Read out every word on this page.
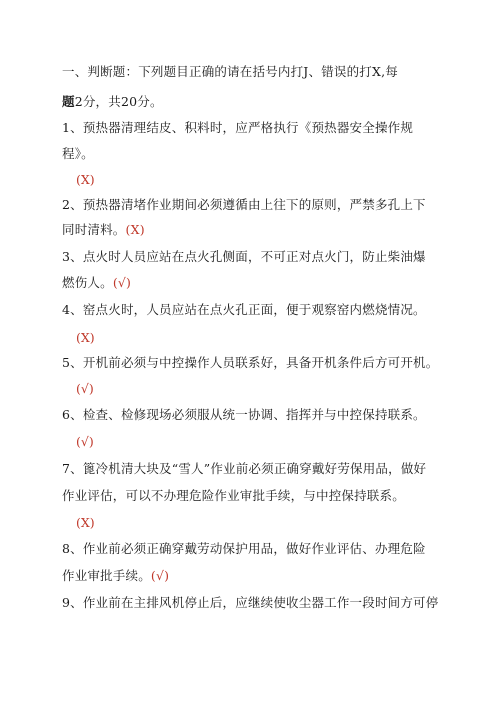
一、判断题：下列题目正确的请在括号内打J、错误的打X,每
题2分，共20分。
1、预热器清理结皮、积料时，应严格执行《预热器安全操作规
程》。
(X)
2、预热器清堵作业期间必须遵循由上往下的原则，严禁多孔上下
同时清料。(X)
3、点火时人员应站在点火孔侧面，不可正对点火门，防止柴油爆
燃伤人。(√)
4、窑点火时，人员应站在点火孔正面，便于观察窑内燃烧情况。
(X)
5、开机前必须与中控操作人员联系好，具备开机条件后方可开机。
(√)
6、检查、检修现场必须服从统一协调、指挥并与中控保持联系。
(√)
7、篦冷机清大块及“雪人”作业前必须正确穿戴好劳保用品，做好
作业评估，可以不办理危险作业审批手续，与中控保持联系。
(X)
8、作业前必须正确穿戴劳动保护用品，做好作业评估、办理危险
作业审批手续。(√)
9、作业前在主排风机停止后，应继续使收尘器工作一段时间方可停
